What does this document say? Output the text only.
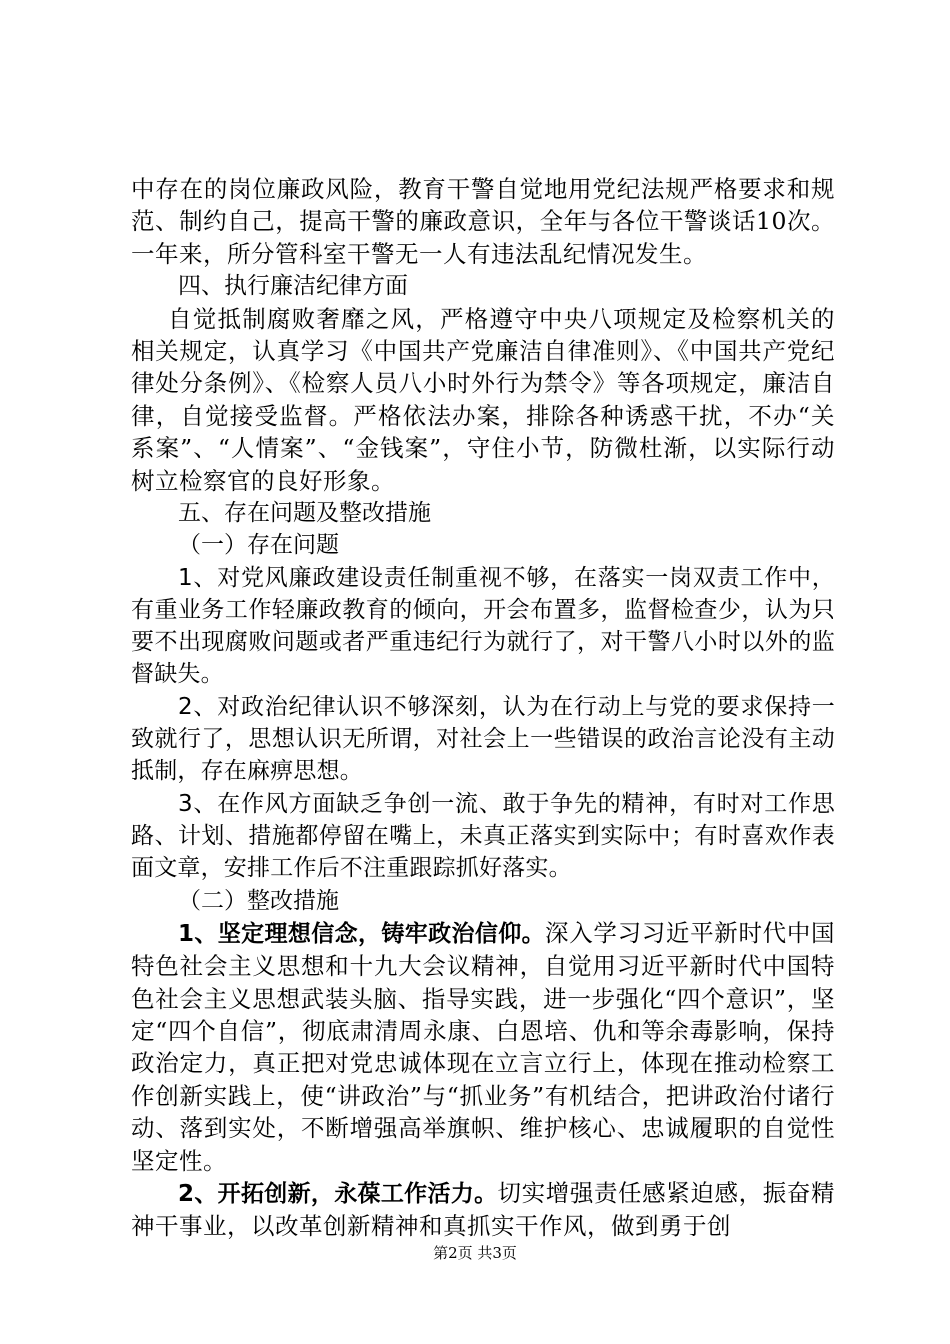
中存在的岗位廉政风险，教育干警自觉地用党纪法规严格要求和规范、制约自己，提高干警的廉政意识，全年与各位干警谈话10次。一年来，所分管科室干警无一人有违法乱纪情况发生。

四、执行廉洁纪律方面

自觉抵制腐败奢靡之风，严格遵守中央八项规定及检察机关的相关规定，认真学习《中国共产党廉洁自律准则》、《中国共产党纪律处分条例》、《检察人员八小时外行为禁令》等各项规定，廉洁自律，自觉接受监督。严格依法办案，排除各种诱惑干扰，不办“关系案”、“人情案”、“金钱案”，守住小节，防微杜渐，以实际行动树立检察官的良好形象。

五、存在问题及整改措施

（一）存在问题

1、对党风廉政建设责任制重视不够，在落实一岗双责工作中，有重业务工作轻廉政教育的倾向，开会布置多，监督检查少，认为只要不出现腐败问题或者严重违纪行为就行了，对干警八小时以外的监督缺失。

2、对政治纪律认识不够深刻，认为在行动上与党的要求保持一致就行了，思想认识无所谓，对社会上一些错误的政治言论没有主动抵制，存在麻痹思想。

3、在作风方面缺乏争创一流、敢于争先的精神，有时对工作思路、计划、措施都停留在嘴上，未真正落实到实际中；有时喜欢作表面文章，安排工作后不注重跟踪抓好落实。

（二）整改措施

1、坚定理想信念，铸牢政治信仰。深入学习习近平新时代中国特色社会主义思想和十九大会议精神，自觉用习近平新时代中国特色社会主义思想武装头脑、指导实践，进一步强化“四个意识”，坚定“四个自信”，彻底肃清周永康、白恩培、仇和等余毒影响，保持政治定力，真正把对党忠诚体现在立言立行上，体现在推动检察工作创新实践上，使“讲政治”与“抓业务”有机结合，把讲政治付诸行动、落到实处，不断增强高举旗帜、维护核心、忠诚履职的自觉性坚定性。

2、开拓创新，永葆工作活力。切实增强责任感紧迫感，振奋精神干事业，以改革创新精神和真抓实干作风，做到勇于创

第2页 共3页
